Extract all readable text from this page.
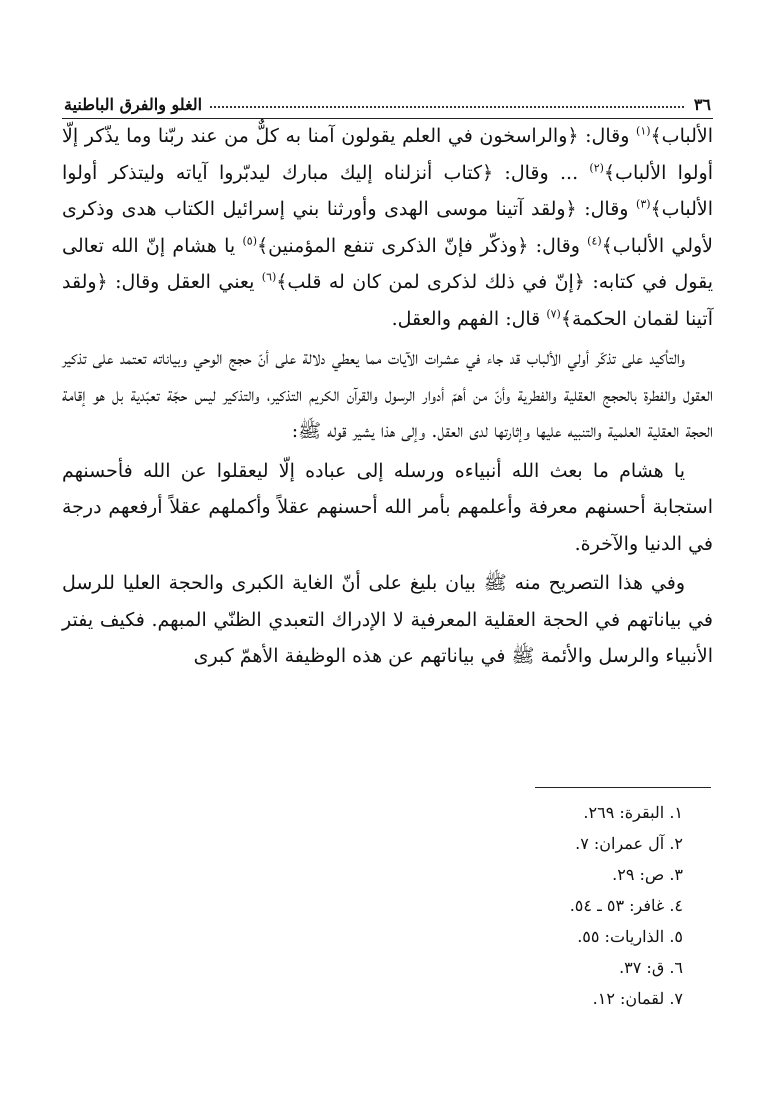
٣٦
الغلو والفرق الباطنية

الألباب﴾$^{(١)}$ وقال: ﴿والراسخون في العلم يقولون آمنا به كلٌّ من عند ربّنا وما يذّكر إلّا أولوا الألباب﴾$^{(٢)}$ ... وقال: ﴿كتاب أنزلناه إليك مبارك ليدبّروا آياته وليتذكر أولوا الألباب﴾$^{(٣)}$ وقال: ﴿ولقد آتينا موسى الهدى وأورثنا بني إسرائيل الكتاب هدى وذكرى لأولي الألباب﴾$^{(٤)}$ وقال: ﴿وذكّر فإنّ الذكرى تنفع المؤمنين﴾$^{(٥)}$ يا هشام إنّ الله تعالى يقول في كتابه: ﴿إنّ في ذلك لذكرى لمن كان له قلب﴾$^{(٦)}$ يعني العقل وقال: ﴿ولقد آتينا لقمان الحكمة﴾$^{(٧)}$ قال: الفهم والعقل.

والتأكيد على تذكّر أولي الألباب قد جاء في عشرات الآيات مما يعطي دلالة على أنّ حجج الوحي وبياناته تعتمد على تذكير العقول والفطرة بالحجج العقلية والفطرية وأنّ من أهمّ أدوار الرسول والقرآن الكريم التذكير، والتذكير ليس حجّة تعبّدية بل هو إقامة الحجة العقلية العلمية والتنبيه عليها وإثارتها لدى العقل. وإلى هذا يشير قوله ﷺ:

يا هشام ما بعث الله أنبياءه ورسله إلى عباده إلّا ليعقلوا عن الله فأحسنهم استجابة أحسنهم معرفة وأعلمهم بأمر الله أحسنهم عقلاً وأكملهم عقلاً أرفعهم درجة في الدنيا والآخرة.

وفي هذا التصريح منه ﷺ بيان بليغ على أنّ الغاية الكبرى والحجة العليا للرسل في بياناتهم في الحجة العقلية المعرفية لا الإدراك التعبدي الظنّي المبهم. فكيف يفتر الأنبياء والرسل والأئمة ﷺ في بياناتهم عن هذه الوظيفة الأهمّ كبرى

١. البقرة: ٢٦٩.
٢. آل عمران: ٧.
٣. ص: ٢٩.
٤. غافر: ٥٣ ـ ٥٤.
٥. الذاريات: ٥٥.
٦. ق: ٣٧.
٧. لقمان: ١٢.
